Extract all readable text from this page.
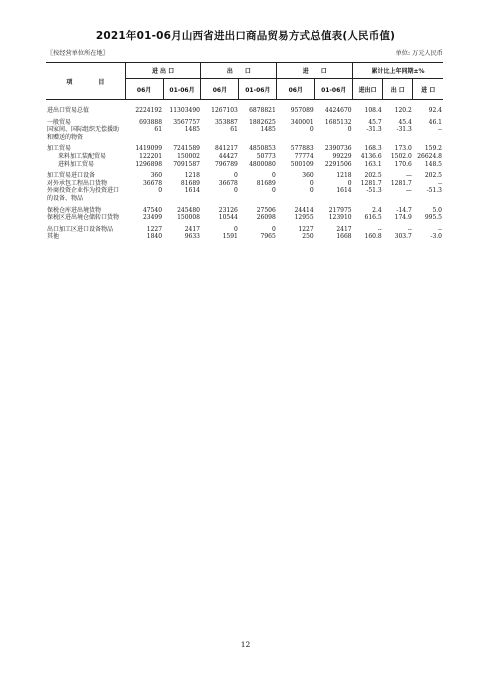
2021年01-06月山西省进出口商品贸易方式总值表(人民币值)
〖按经营单位所在地〗	单位: 万元人民币
项 目	进 出 口		出　　口		进　　口		累计比上年同期±%		
	06月	01-06月	06月	01-06月	06月	01-06月	进出口	出 口	进 口
进出口贸易总值	2224192	11303490	1267103	6878821	957089	4424670	108.4	120.2	92.4
一般贸易	693888	3567757	353887	1882625	340001	1685132	45.7	45.4	46.1
国家间、国际组织无偿援助和赠送的物资	61	1485	61	1485	0	0	-31.3	-31.3	--
加工贸易	1419099	7241589	841217	4850853	577883	2390736	168.3	173.0	159.2
来料加工装配贸易	122201	150002	44427	50773	77774	99229	4136.6	1502.0	26624.8
进料加工贸易	1296898	7091587	796789	4800080	500109	2291506	163.1	170.6	148.5
加工贸易进口设备	360	1218	0	0	360	1218	202.5	—	202.5
对外承包工程出口货物	36678	81689	36678	81689	0	0	1281.7	1281.7	--
外商投资企业作为投资进口的设备、物品	0	1614	0	0	0	1614	-51.3	—	-51.3
保税仓库进出境货物	47540	245480	23126	27506	24414	217975	2.4	-14.7	5.0
保税区进出境仓储转口货物	23499	150008	10544	26098	12955	123910	616.5	174.9	995.5
出口加工区进口设备物品	1227	2417	0	0	1227	2417	--	--	--
其他	1840	9633	1591	7965	250	1668	160.8	303.7	-3.0
12
